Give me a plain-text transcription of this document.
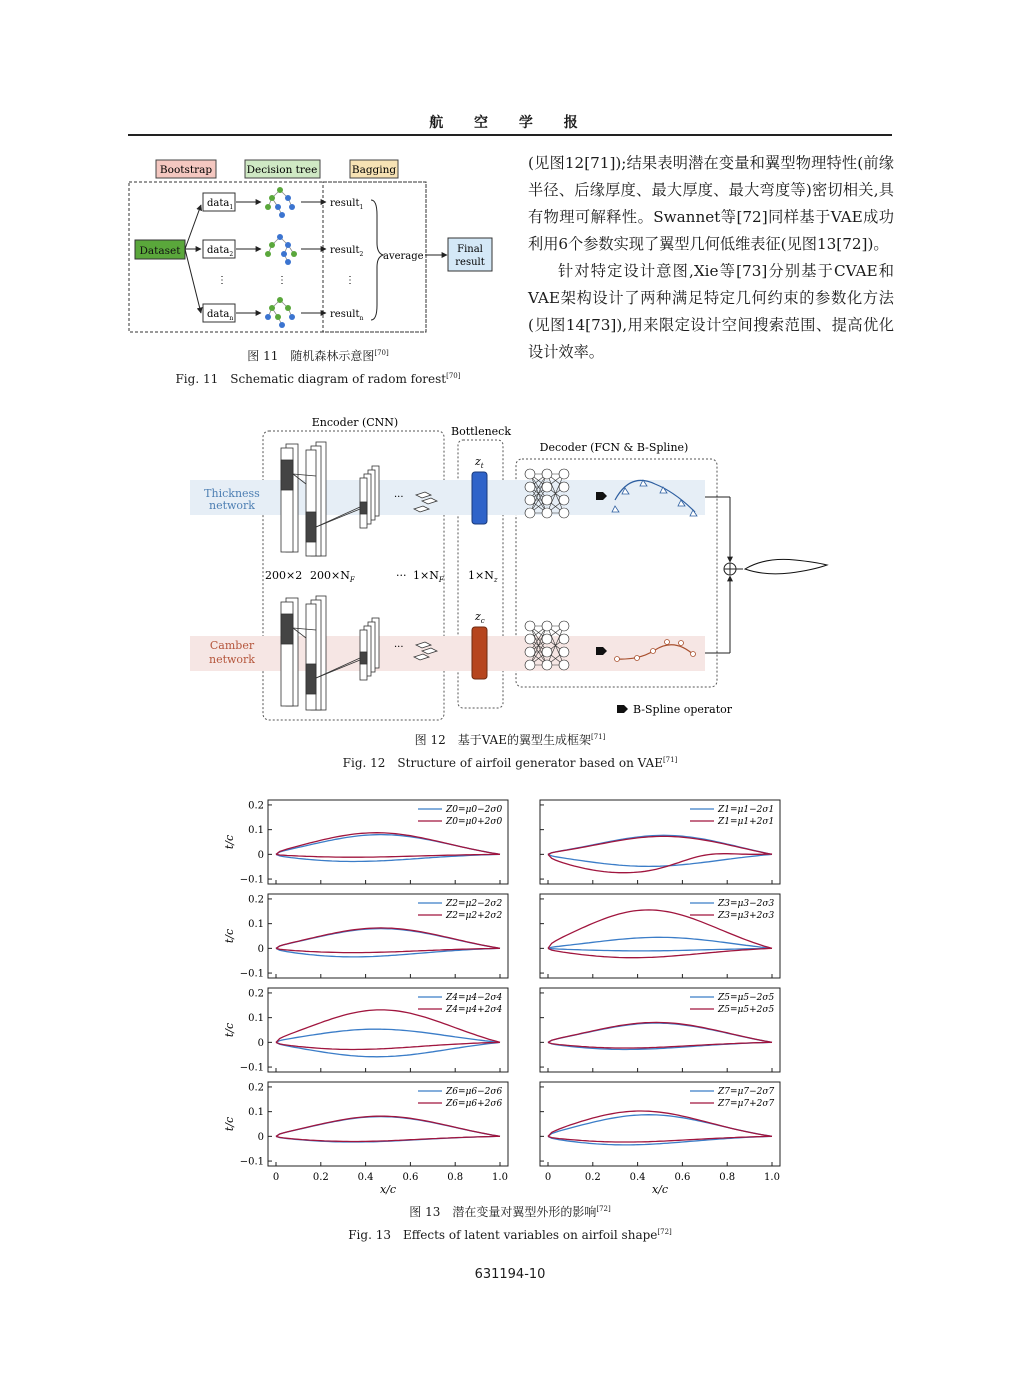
航 空 学 报
Bootstrap	Decision tree	Bagging
Dataset
data$_1$
data$_2$
⋮
data$_n$
⋮
result$_1$
result$_2$
⋮
result$_n$
average
Final
result
图 11　随机森林示意图[70]
Fig. 11　Schematic diagram of radom forest[70]

(见图12[71]);结果表明潜在变量和翼型物理特性(前缘半径、后缘厚度、最大厚度、最大弯度等)密切相关,具有物理可解释性。Swannet等[72]同样基于VAE成功利用6个参数实现了翼型几何低维表征(见图13[72])。

针对特定设计意图,Xie等[73]分别基于CVAE和VAE架构设计了两种满足特定几何约束的参数化方法(见图14[73]),用来限定设计空间搜索范围、提高优化设计效率。

Encoder (CNN)
Bottleneck
Decoder (FCN & B-Spline)
Thickness
network
Camber
network
···
···
200×2 $200\times N_F$	··· $1\times N_F$ $1\times N_z$
$z_t$
$z_c$
B-Spline operator
图 12　基于VAE的翼型生成框架[71]
Fig. 12　Structure of airfoil generator based on VAE[71]
0.2
0.1
0
−0.1
t/c
Z0=μ0−2σ0
Z0=μ0+2σ0
Z1=μ1−2σ1
Z1=μ1+2σ1
0.2
0.1
0
−0.1
t/c
Z2=μ2−2σ2
Z2=μ2+2σ2
Z3=μ3−2σ3
Z3=μ3+2σ3
0.2
0.1
0
−0.1
t/c
Z4=μ4−2σ4
Z4=μ4+2σ4
Z5=μ5−2σ5
Z5=μ5+2σ5
0.2
0.1
0
−0.1
t/c
Z6=μ6−2σ6
Z6=μ6+2σ6
0	0.2	0.4	0.6	0.8	1.0
x/c
Z7=μ7−2σ7
Z7=μ7+2σ7
0	0.2	0.4	0.6	0.8	1.0
x/c
图 13　潜在变量对翼型外形的影响[72]
Fig. 13　Effects of latent variables on airfoil shape[72]
631194-10
